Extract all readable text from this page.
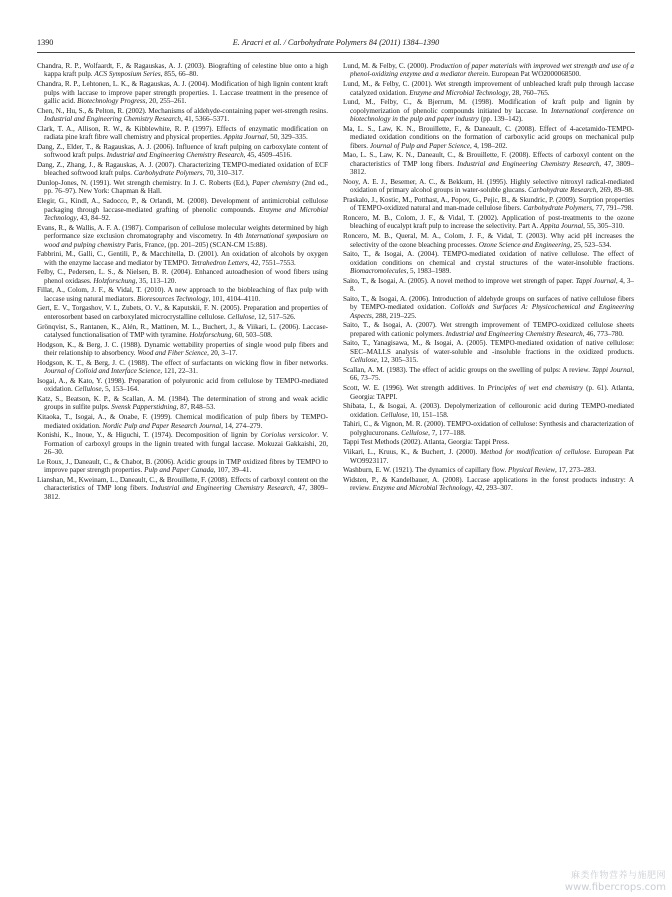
1390	E. Aracri et al. / Carbohydrate Polymers 84 (2011) 1384–1390

Chandra, R. P., Wolfaardt, F., & Ragauskas, A. J. (2003). Biografting of celestine blue onto a high kappa kraft pulp. ACS Symposium Series, 855, 66–80.

Chandra, R. P., Lehtonen, L. K., & Ragauskas, A. J. (2004). Modification of high lignin content kraft pulps with laccase to improve paper strength properties. 1. Laccase treatment in the presence of gallic acid. Biotechnology Progress, 20, 255–261.

Chen, N., Hu, S., & Pelton, R. (2002). Mechanisms of aldehyde-containing paper wet-strength resins. Industrial and Engineering Chemistry Research, 41, 5366–5371.

Clark, T. A., Allison, R. W., & Kibblewhite, R. P. (1997). Effects of enzymatic modification on radiata pine kraft fibre wall chemistry and physical properties. Appita Journal, 50, 329–335.

Dang, Z., Elder, T., & Ragauskas, A. J. (2006). Influence of kraft pulping on carboxylate content of softwood kraft pulps. Industrial and Engineering Chemistry Research, 45, 4509–4516.

Dang, Z., Zhang, J., & Ragauskas, A. J. (2007). Characterizing TEMPO-mediated oxidation of ECF bleached softwood kraft pulps. Carbohydrate Polymers, 70, 310–317.

Dunlop-Jones, N. (1991). Wet strength chemistry. In J. C. Roberts (Ed.), Paper chemistry (2nd ed., pp. 76–97). New York: Chapman & Hall.

Elegir, G., Kindl, A., Sadocco, P., & Orlandi, M. (2008). Development of antimicrobial cellulose packaging through laccase-mediated grafting of phenolic compounds. Enzyme and Microbial Technology, 43, 84–92.

Evans, R., & Wallis, A. F. A. (1987). Comparison of cellulose molecular weights determined by high performance size exclusion chromatography and viscometry. In 4th International symposium on wood and pulping chemistry Paris, France, (pp. 201–205) (SCAN-CM 15:88).

Fabbrini, M., Galli, C., Gentili, P., & Macchitella, D. (2001). An oxidation of alcohols by oxygen with the enzyme laccase and mediator by TEMPO. Tetrahedron Letters, 42, 7551–7553.

Felby, C., Pedersen, L. S., & Nielsen, B. R. (2004). Enhanced autoadhesion of wood fibers using phenol oxidases. Holzforschung, 35, 113–120.

Fillat, A., Colom, J. F., & Vidal, T. (2010). A new approach to the biobleaching of flax pulp with laccase using natural mediators. Bioresources Technology, 101, 4104–4110.

Gert, E. V., Torgashov, V. I., Zubets, O. V., & Kaputskii, F. N. (2005). Preparation and properties of enterosorbent based on carboxylated microcrystalline cellulose. Cellulose, 12, 517–526.

Grönqvist, S., Rantanen, K., Alén, R., Mattinen, M. L., Buchert, J., & Viikari, L. (2006). Laccase-catalysed functionalisation of TMP with tyramine. Holzforschung, 60, 503–508.

Hodgson, K., & Berg, J. C. (1988). Dynamic wettability properties of single wood pulp fibers and their relationship to absorbency. Wood and Fiber Science, 20, 3–17.

Hodgson, K. T., & Berg, J. C. (1988). The effect of surfactants on wicking flow in fiber networks. Journal of Colloid and Interface Science, 121, 22–31.

Isogai, A., & Kato, Y. (1998). Preparation of polyuronic acid from cellulose by TEMPO-mediated oxidation. Cellulose, 5, 153–164.

Katz, S., Beatson, K. P., & Scallan, A. M. (1984). The determination of strong and weak acidic groups in sulfite pulps. Svensk Papperstidning, 87, R48–53.

Kitaoka, T., Isogai, A., & Onabe, F. (1999). Chemical modification of pulp fibers by TEMPO-mediated oxidation. Nordic Pulp and Paper Research Journal, 14, 274–279.

Konishi, K., Inoue, Y., & Higuchi, T. (1974). Decomposition of lignin by Coriolus versicolor. V. Formation of carboxyl groups in the lignin treated with fungal laccase. Mokuzai Gakkaishi, 20, 26–30.

Le Roux, J., Daneault, C., & Chabot, B. (2006). Acidic groups in TMP oxidized fibres by TEMPO to improve paper strength properties. Pulp and Paper Canada, 107, 39–41.

Lianshan, M., Kweinam, L., Daneault, C., & Brouillette, F. (2008). Effects of carboxyl content on the characteristics of TMP long fibers. Industrial and Engineering Chemistry Research, 47, 3809–3812.

Lund, M. & Felby, C. (2000). Production of paper materials with improved wet strength and use of a phenol-oxidizing enzyme and a mediator therein. European Pat WO2000068500.

Lund, M., & Felby, C. (2001). Wet strength improvement of unbleached kraft pulp through laccase catalyzed oxidation. Enzyme and Microbial Technology, 28, 760–765.

Lund, M., Felby, C., & Bjerrum, M. (1998). Modification of kraft pulp and lignin by copolymerization of phenolic compounds initiated by laccase. In International conference on biotechnology in the pulp and paper industry (pp. 139–142).

Ma, L. S., Law, K. N., Brouillette, F., & Daneault, C. (2008). Effect of 4-acetamido-TEMPO-mediated oxidation conditions on the formation of carboxylic acid groups on mechanical pulp fibers. Journal of Pulp and Paper Science, 4, 198–202.

Mao, L. S., Law, K. N., Daneault, C., & Brouillette, F. (2008). Effects of carboxyl content on the characteristics of TMP long fibers. Industrial and Engineering Chemistry Research, 47, 3809–3812.

Nooy, A. E. J., Besemer, A. C., & Bekkum, H. (1995). Highly selective nitroxyl radical-mediated oxidation of primary alcohol groups in water-soluble glucans. Carbohydrate Research, 269, 89–98.

Praskalo, J., Kostic, M., Potthast, A., Popov, G., Pejic, B., & Skundric, P. (2009). Sorption properties of TEMPO-oxidized natural and man-made cellulose fibers. Carbohydrate Polymers, 77, 791–798.

Roncero, M. B., Colom, J. F., & Vidal, T. (2002). Application of post-treatments to the ozone bleaching of eucalypt kraft pulp to increase the selectivity. Part A. Appita Journal, 55, 305–310.

Roncero, M. B., Queral, M. A., Colom, J. F., & Vidal, T. (2003). Why acid pH increases the selectivity of the ozone bleaching processes. Ozone Science and Engineering, 25, 523–534.

Saito, T., & Isogai, A. (2004). TEMPO-mediated oxidation of native cellulose. The effect of oxidation conditions on chemical and crystal structures of the water-insoluble fractions. Biomacromolecules, 5, 1983–1989.

Saito, T., & Isogai, A. (2005). A novel method to improve wet strength of paper. Tappi Journal, 4, 3–8.

Saito, T., & Isogai, A. (2006). Introduction of aldehyde groups on surfaces of native cellulose fibers by TEMPO-mediated oxidation. Colloids and Surfaces A: Physicochemical and Engineering Aspects, 288, 219–225.

Saito, T., & Isogai, A. (2007). Wet strength improvement of TEMPO-oxidized cellulose sheets prepared with cationic polymers. Industrial and Engineering Chemistry Research, 46, 773–780.

Saito, T., Yanagisawa, M., & Isogai, A. (2005). TEMPO-mediated oxidation of native cellulose: SEC–MALLS analysis of water-soluble and -insoluble fractions in the oxidized products. Cellulose, 12, 305–315.

Scallan, A. M. (1983). The effect of acidic groups on the swelling of pulps: A review. Tappi Journal, 66, 73–75.

Scott, W. E. (1996). Wet strength additives. In Principles of wet end chemistry (p. 61). Atlanta, Georgia: TAPPI.

Shibata, I., & Isogai, A. (2003). Depolymerization of cellouronic acid during TEMPO-mediated oxidation. Cellulose, 10, 151–158.

Tahiri, C., & Vignon, M. R. (2000). TEMPO-oxidation of cellulose: Synthesis and characterization of polyglucuronans. Cellulose, 7, 177–188.

Tappi Test Methods (2002). Atlanta, Georgia: Tappi Press.

Viikari, L., Kruus, K., & Buchert, J. (2000). Method for modification of cellulose. European Pat WO9923117.

Washburn, E. W. (1921). The dynamics of capillary flow. Physical Review, 17, 273–283.

Widsten, P., & Kandelbauer, A. (2008). Laccase applications in the forest products industry: A review. Enzyme and Microbial Technology, 42, 293–307.

麻类作物营养与施肥网
www.fibercrops.com
